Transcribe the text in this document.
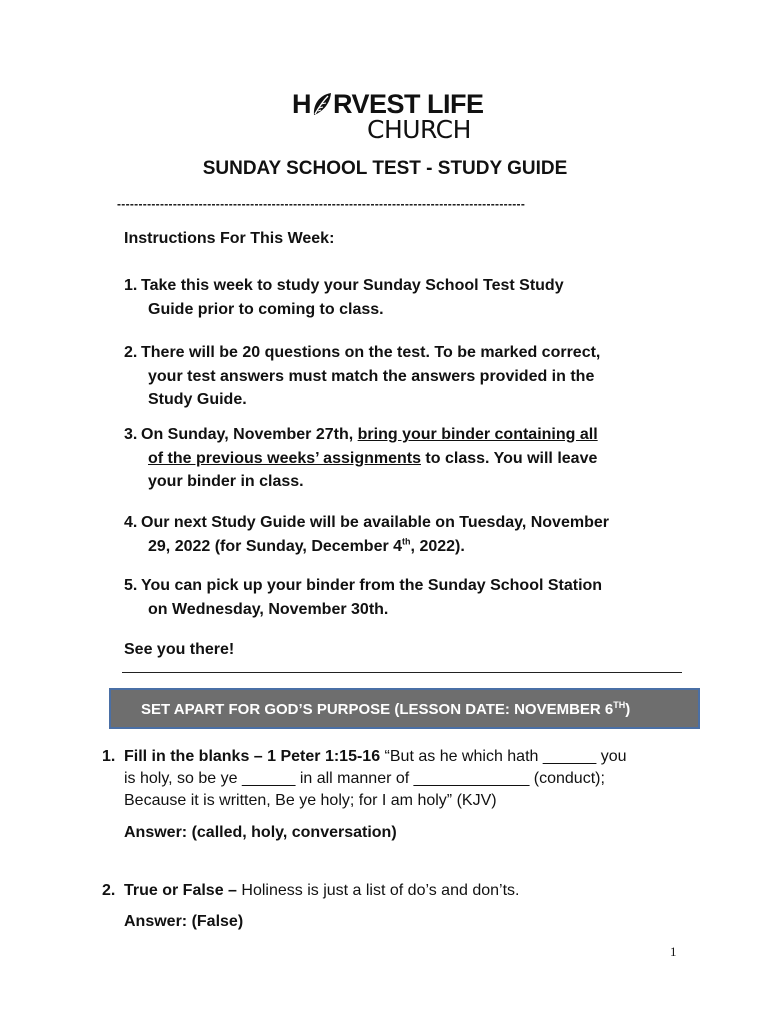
H RVEST LIFE
CHURCH
SUNDAY SCHOOL TEST - STUDY GUIDE
-----------------------------------------------------------------------------------------------
Instructions For This Week:
1. Take this week to study your Sunday School Test Study
Guide prior to coming to class.
2. There will be 20 questions on the test. To be marked correct,
your test answers must match the answers provided in the
Study Guide.
3. On Sunday, November 27th, bring your binder containing all
of the previous weeks’ assignments to class. You will leave
your binder in class.
4. Our next Study Guide will be available on Tuesday, November
29, 2022 (for Sunday, December 4th, 2022).
5. You can pick up your binder from the Sunday School Station
on Wednesday, November 30th.
See you there!
SET APART FOR GOD’S PURPOSE (LESSON DATE: NOVEMBER 6TH)
1. Fill in the blanks – 1 Peter 1:15-16 “But as he which hath ______ you
is holy, so be ye ______ in all manner of _____________ (conduct);
Because it is written, Be ye holy; for I am holy” (KJV)
Answer: (called, holy, conversation)
2. True or False – Holiness is just a list of do’s and don’ts.
Answer: (False)
1
